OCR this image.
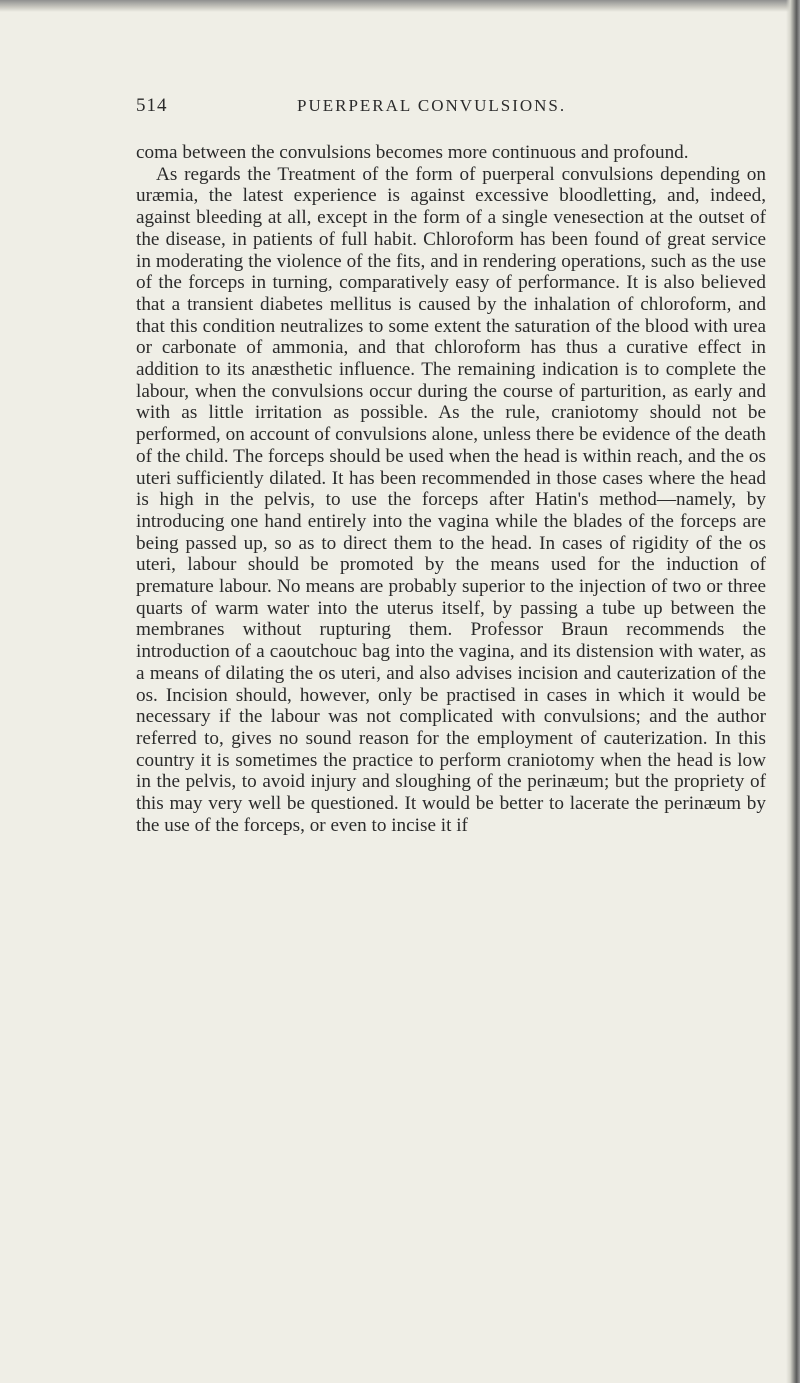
514	PUERPERAL CONVULSIONS.

coma between the convulsions becomes more continuous and profound.

As regards the Treatment of the form of puerperal convulsions depending on uræmia, the latest experience is against excessive bloodletting, and, indeed, against bleeding at all, except in the form of a single venesection at the outset of the disease, in patients of full habit. Chloroform has been found of great service in moderating the violence of the fits, and in rendering operations, such as the use of the forceps in turning, comparatively easy of performance. It is also believed that a transient diabetes mellitus is caused by the inhalation of chloroform, and that this condition neutralizes to some extent the saturation of the blood with urea or carbonate of ammonia, and that chloroform has thus a curative effect in addition to its anæsthetic influence. The remaining indication is to complete the labour, when the convulsions occur during the course of parturition, as early and with as little irritation as possible. As the rule, craniotomy should not be performed, on account of convulsions alone, unless there be evidence of the death of the child. The forceps should be used when the head is within reach, and the os uteri sufficiently dilated. It has been recommended in those cases where the head is high in the pelvis, to use the forceps after Hatin's method—namely, by introducing one hand entirely into the vagina while the blades of the forceps are being passed up, so as to direct them to the head. In cases of rigidity of the os uteri, labour should be promoted by the means used for the induction of premature labour. No means are probably superior to the injection of two or three quarts of warm water into the uterus itself, by passing a tube up between the membranes without rupturing them. Professor Braun recommends the introduction of a caoutchouc bag into the vagina, and its distension with water, as a means of dilating the os uteri, and also advises incision and cauterization of the os. Incision should, however, only be practised in cases in which it would be necessary if the labour was not complicated with convulsions; and the author referred to, gives no sound reason for the employment of cauterization. In this country it is sometimes the practice to perform craniotomy when the head is low in the pelvis, to avoid injury and sloughing of the perinæum; but the propriety of this may very well be questioned. It would be better to lacerate the perinæum by the use of the forceps, or even to incise it if
